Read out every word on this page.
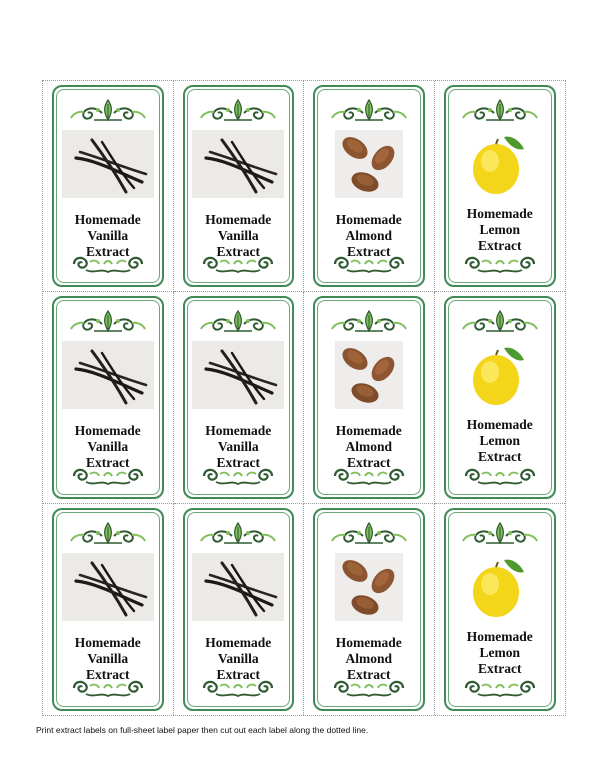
Homemade
Vanilla
Extract
Homemade
Vanilla
Extract
Homemade
Almond
Extract
Homemade
Lemon
Extract
Homemade
Vanilla
Extract
Homemade
Vanilla
Extract
Homemade
Almond
Extract
Homemade
Lemon
Extract
Homemade
Vanilla
Extract
Homemade
Vanilla
Extract
Homemade
Almond
Extract
Homemade
Lemon
Extract

Print extract labels on full-sheet label paper then cut out each label along the dotted line.
